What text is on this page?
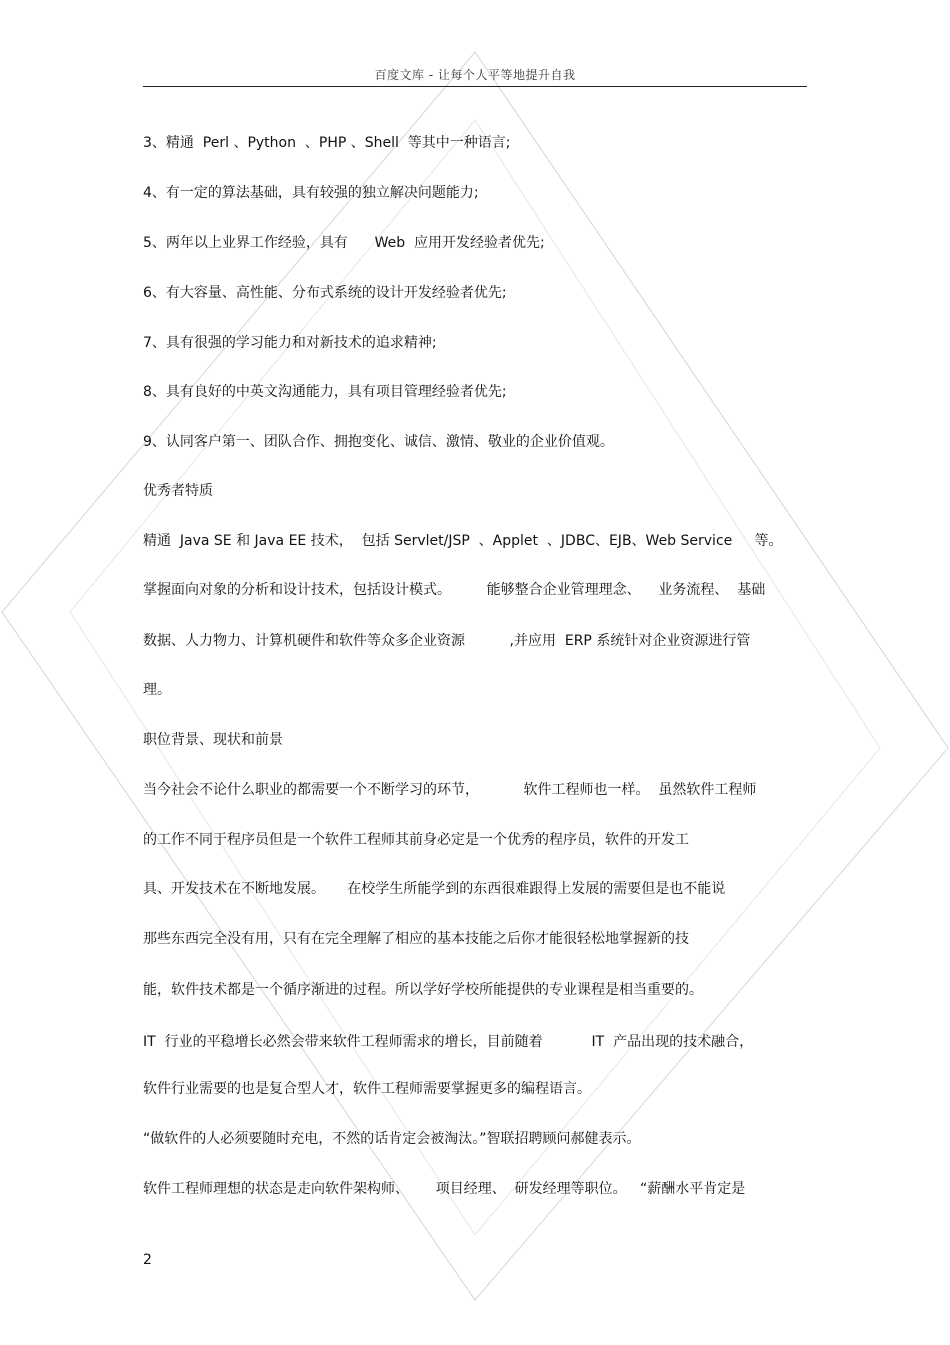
百度文库 - 让每个人平等地提升自我
3、精通  Perl 、Python  、PHP 、Shell  等其中一种语言;
4、有一定的算法基础，具有较强的独立解决问题能力;
5、两年以上业界工作经验，具有      Web  应用开发经验者优先;
6、有大容量、高性能、分布式系统的设计开发经验者优先;
7、具有很强的学习能力和对新技术的追求精神;
8、具有良好的中英文沟通能力，具有项目管理经验者优先;
9、认同客户第一、团队合作、拥抱变化、诚信、激情、敬业的企业价值观。
优秀者特质
精通  Java SE 和 Java EE 技术，  包括 Servlet/JSP  、Applet  、JDBC、EJB、Web Service     等。
掌握面向对象的分析和设计技术，包括设计模式。        能够整合企业管理理念、    业务流程、  基础
数据、人力物力、计算机硬件和软件等众多企业资源          ,并应用  ERP 系统针对企业资源进行管
理。
职位背景、现状和前景
当今社会不论什么职业的都需要一个不断学习的环节，          软件工程师也一样。  虽然软件工程师
的工作不同于程序员但是一个软件工程师其前身必定是一个优秀的程序员，软件的开发工
具、开发技术在不断地发展。     在校学生所能学到的东西很难跟得上发展的需要但是也不能说
那些东西完全没有用，只有在完全理解了相应的基本技能之后你才能很轻松地掌握新的技
能，软件技术都是一个循序渐进的过程。所以学好学校所能提供的专业课程是相当重要的。
IT  行业的平稳增长必然会带来软件工程师需求的增长，目前随着           IT  产品出现的技术融合，
软件行业需要的也是复合型人才，软件工程师需要掌握更多的编程语言。
“做软件的人必须要随时充电，不然的话肯定会被淘汰。”智联招聘顾问郝健表示。
软件工程师理想的状态是走向软件架构师、      项目经理、  研发经理等职位。   “薪酬水平肯定是
2
